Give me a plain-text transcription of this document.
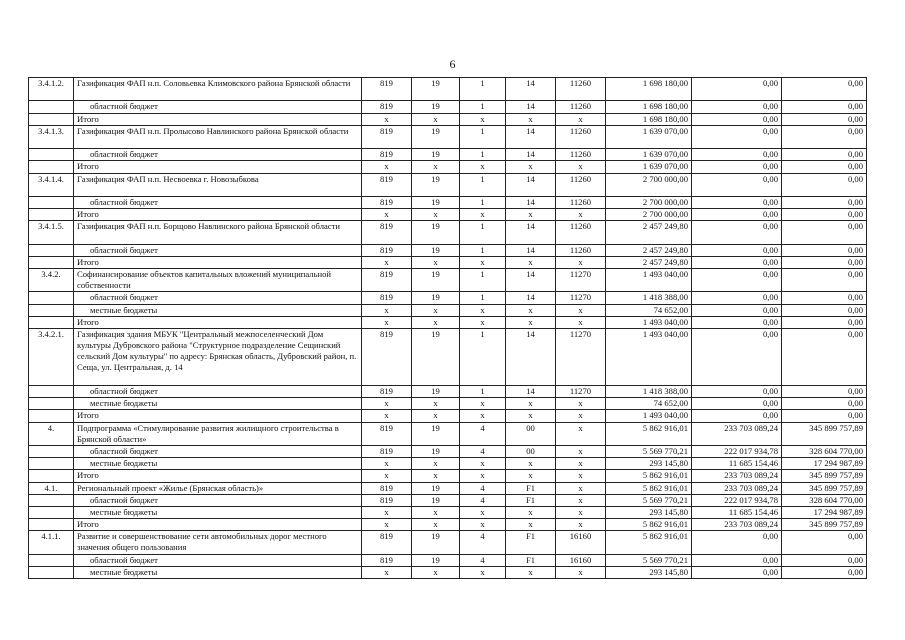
6
3.4.1.2.	Газификация ФАП н.п. Соловьевка Климовского района Брянской области	819	19	1	14	11260	1 698 180,00	0,00	0,00
	областной бюджет	819	19	1	14	11260	1 698 180,00	0,00	0,00
	Итого	х	х	х	х	х	1 698 180,00	0,00	0,00
3.4.1.3.	Газификация ФАП н.п. Пролысово Навлинского района Брянской области	819	19	1	14	11260	1 639 070,00	0,00	0,00
	областной бюджет	819	19	1	14	11260	1 639 070,00	0,00	0,00
	Итого	х	х	х	х	х	1 639 070,00	0,00	0,00
3.4.1.4.	Газификация ФАП н.п. Несвоевка г. Новозыбкова	819	19	1	14	11260	2 700 000,00	0,00	0,00
	областной бюджет	819	19	1	14	11260	2 700 000,00	0,00	0,00
	Итого	х	х	х	х	х	2 700 000,00	0,00	0,00
3.4.1.5.	Газификация ФАП н.п. Борщово Навлинского района Брянской области	819	19	1	14	11260	2 457 249,80	0,00	0,00
	областной бюджет	819	19	1	14	11260	2 457 249,80	0,00	0,00
	Итого	х	х	х	х	х	2 457 249,80	0,00	0,00
3.4.2.	Софинансирование объектов капитальных вложений муниципальной собственности	819	19	1	14	11270	1 493 040,00	0,00	0,00
	областной бюджет	819	19	1	14	11270	1 418 388,00	0,00	0,00
	местные бюджеты	х	х	х	х	х	74 652,00	0,00	0,00
	Итого	х	х	х	х	х	1 493 040,00	0,00	0,00
3.4.2.1.	Газификация здания МБУК "Центральный межпоселенческий Дом культуры Дубровского района "Структурное подразделение Сещинский сельский Дом культуры" по адресу: Брянская область, Дубровский район, п. Сеща, ул. Центральная, д. 14	819	19	1	14	11270	1 493 040,00	0,00	0,00
	областной бюджет	819	19	1	14	11270	1 418 388,00	0,00	0,00
	местные бюджеты	х	х	х	х	х	74 652,00	0,00	0,00
	Итого	х	х	х	х	х	1 493 040,00	0,00	0,00
4.	Подпрограмма «Стимулирование развития жилищного строительства в Брянской области»	819	19	4	00	х	5 862 916,01	233 703 089,24	345 899 757,89
	областной бюджет	819	19	4	00	х	5 569 770,21	222 017 934,78	328 604 770,00
	местные бюджеты	х	х	х	х	х	293 145,80	11 685 154,46	17 294 987,89
	Итого	х	х	х	х	х	5 862 916,01	233 703 089,24	345 899 757,89
4.1.	Региональный проект «Жилье (Брянская область)»	819	19	4	F1	х	5 862 916,01	233 703 089,24	345 899 757,89
	областной бюджет	819	19	4	F1	х	5 569 770,21	222 017 934,78	328 604 770,00
	местные бюджеты	х	х	х	х	х	293 145,80	11 685 154,46	17 294 987,89
	Итого	х	х	х	х	х	5 862 916,01	233 703 089,24	345 899 757,89
4.1.1.	Развитие и совершенствование сети автомобильных дорог местного значения общего пользования	819	19	4	F1	16160	5 862 916,01	0,00	0,00
	областной бюджет	819	19	4	F1	16160	5 569 770,21	0,00	0,00
	местные бюджеты	х	х	х	х	х	293 145,80	0,00	0,00
